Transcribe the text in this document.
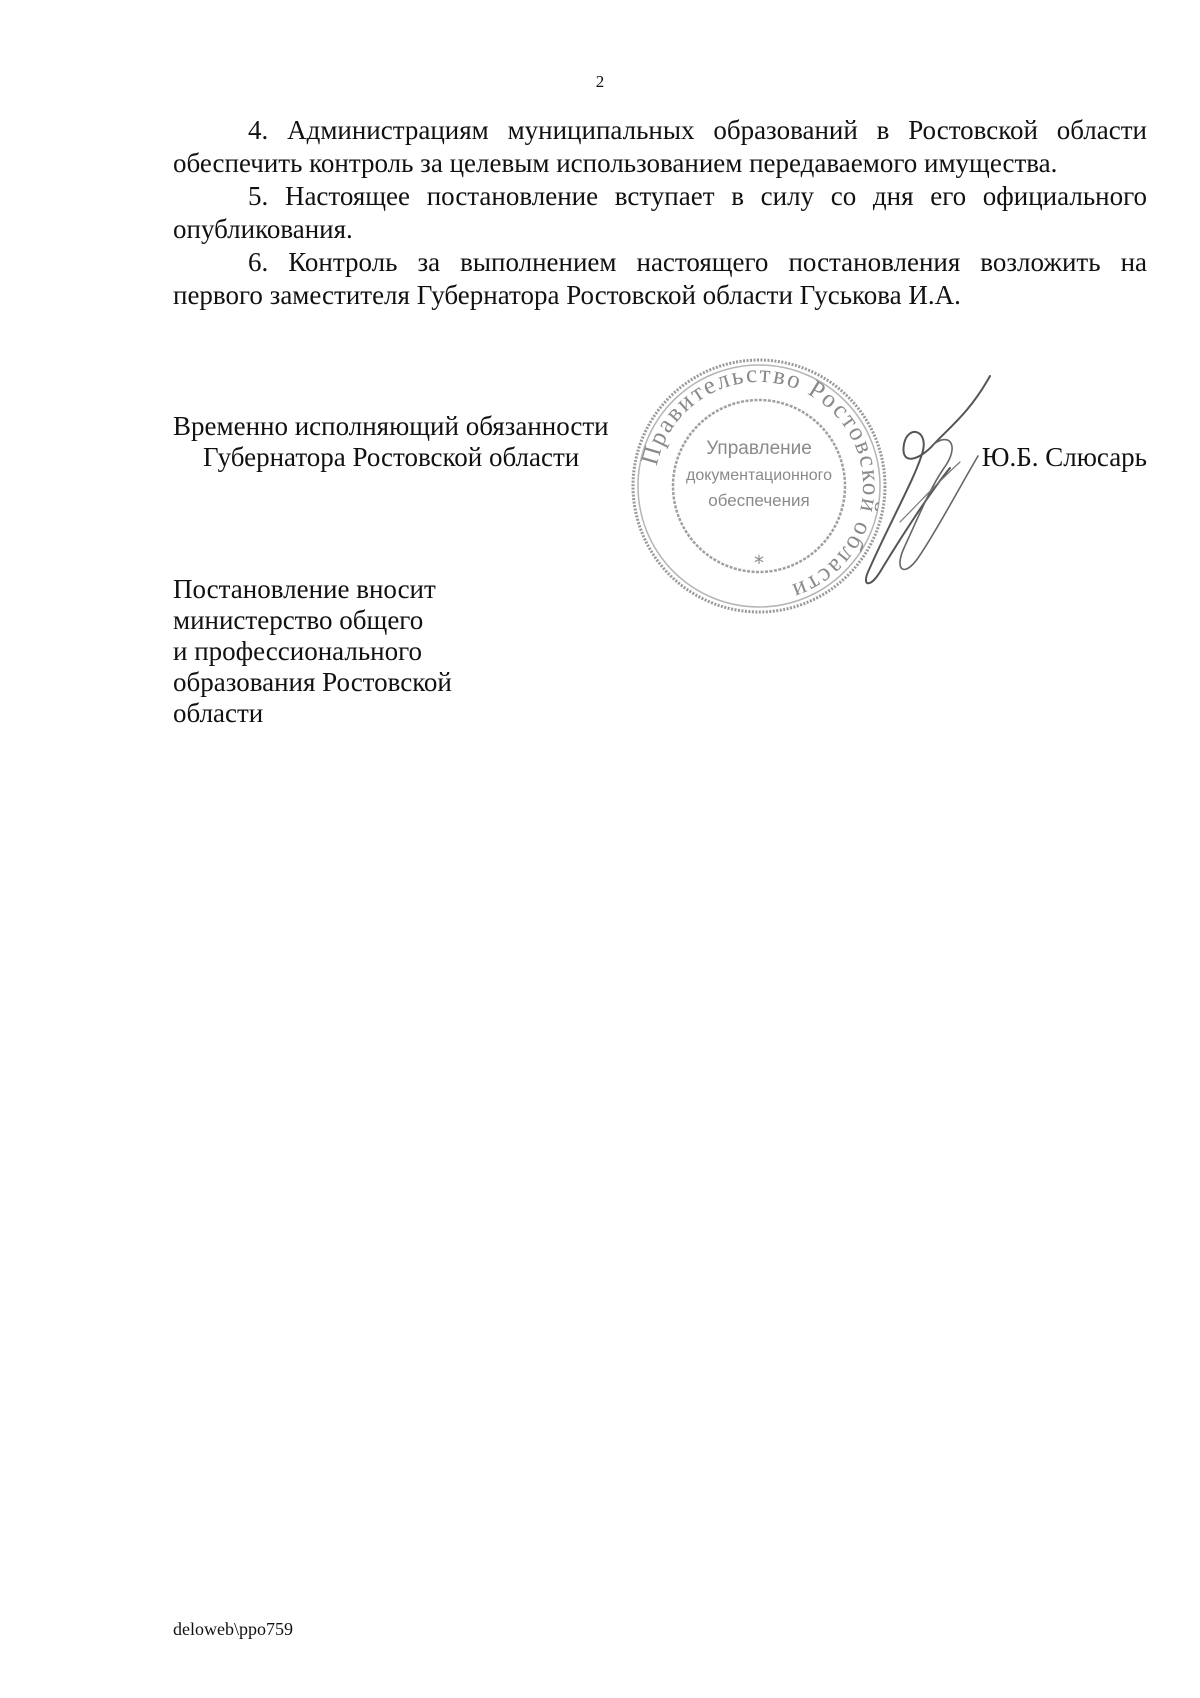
2

4. Администрациям муниципальных образований в Ростовской области обеспечить контроль за целевым использованием передаваемого имущества.

5. Настоящее постановление вступает в силу со дня его официального опубликования.

6. Контроль за выполнением настоящего постановления возложить на первого заместителя Губернатора Ростовской области Гуськова И.А.

Временно исполняющий обязанности
Губернатора Ростовской области	Ю.Б. Слюсарь
Правительство Ростовской области
Управление
документационного
обеспечения
*
Постановление вносит
министерство общего
и профессионального
образования Ростовской
области
deloweb\ppo759
